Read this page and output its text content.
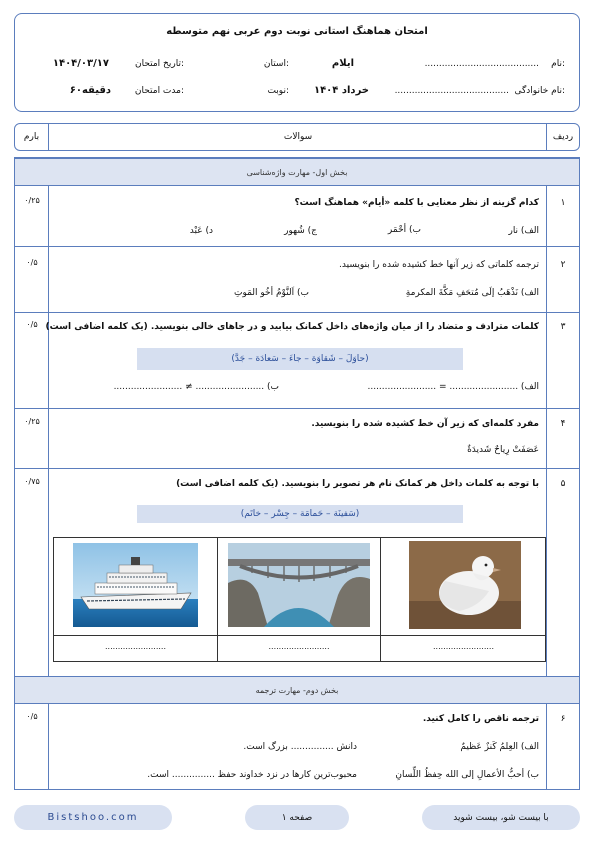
امتحان هماهنگ استانی نوبت دوم عربی نهم متوسطه
نام:
........................................
استان:	ایلام
تاریخ امتحان:
۱۴۰۴/۰۳/۱۷
نام خانوادگی:
........................................
نوبت: خرداد ۱۴۰۴
مدت امتحان:
۶۰دقیقه
ردیف
سوالات
بارم
بخش اول- مهارت واژه‌شناسی
۱
۰/۲۵	کدام گزینه از نظر معنایی با کلمه «أیام» هماهنگ است؟
الف) نار
ب) أحْمَر
ج) شُهور
د) عَبْد
۲
۰/۵	ترجمه کلماتی که زیر آنها خط کشیده شده را بنویسید.
الف) نَذْهَبُ إلَی مُتحَفِ مَکَّةَ المکرمةِ
ب) اَلنَّوْمُ أخُو المَوتِ
۳
۰/۵ کلمات مترادف و متضاد را از میان واژه‌های داخل کمانک بیابید و در جاهای خالی بنویسید. (یک کلمه اضافی است)
(حاوَلَ – شَقاوَة – جاءَ – سَعادَة – جَدَّ)
الف) ........................ = ........................
ب) ........................ ≠ ........................
۴
۰/۲۵	مفرد کلمه‌ای که زیر آن خط کشیده شده را بنویسید.
عَصَفَتْ رِیاحٌ شَدیدَةٌ
۵
۰/۷۵	با توجه به کلمات داخل هر کمانک نام هر تصویر را بنویسید. (یک کلمه اضافی است)
(سَفینَة – حَمامَة – جِسْر – خاتَم)
........................	........................	........................
بخش دوم- مهارت ترجمه
۶
۰/۵	ترجمه ناقص را کامل کنید.
الف) العِلمُ کَنزٌ عَظیمٌ
دانش ............... بزرگ است.
ب) أحبُّ الأعمالِ إلی الله حِفظُ اللِّسانِ
محبوب‌ترین کارها در نزد خداوند حفظ ............... است.
Bistshoo.com	صفحه ۱	با بیست شو، بیست شوید
